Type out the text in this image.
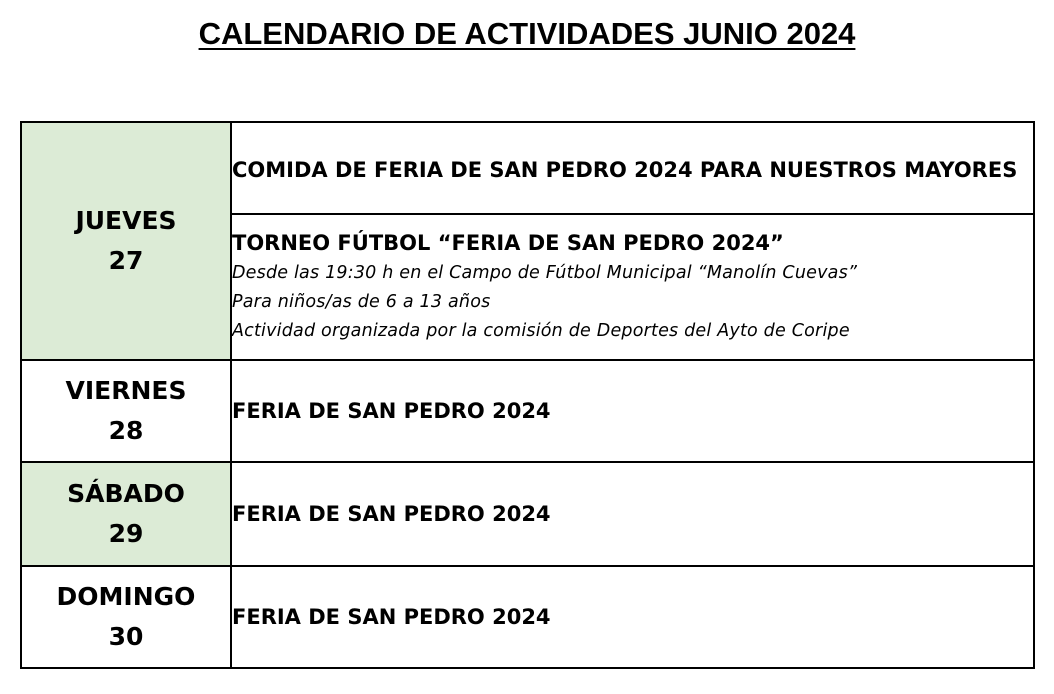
CALENDARIO DE ACTIVIDADES JUNIO 2024
JUEVES
27	COMIDA DE FERIA DE SAN PEDRO 2024 PARA NUESTROS MAYORES

	TORNEO FÚTBOL “FERIA DE SAN PEDRO 2024”
Desde las 19:30 h en el Campo de Fútbol Municipal “Manolín Cuevas”
Para niños/as de 6 a 13 años
Actividad organizada por la comisión de Deportes del Ayto de Coripe

VIERNES
28	FERIA DE SAN PEDRO 2024

SÁBADO
29	FERIA DE SAN PEDRO 2024

DOMINGO
30	FERIA DE SAN PEDRO 2024
